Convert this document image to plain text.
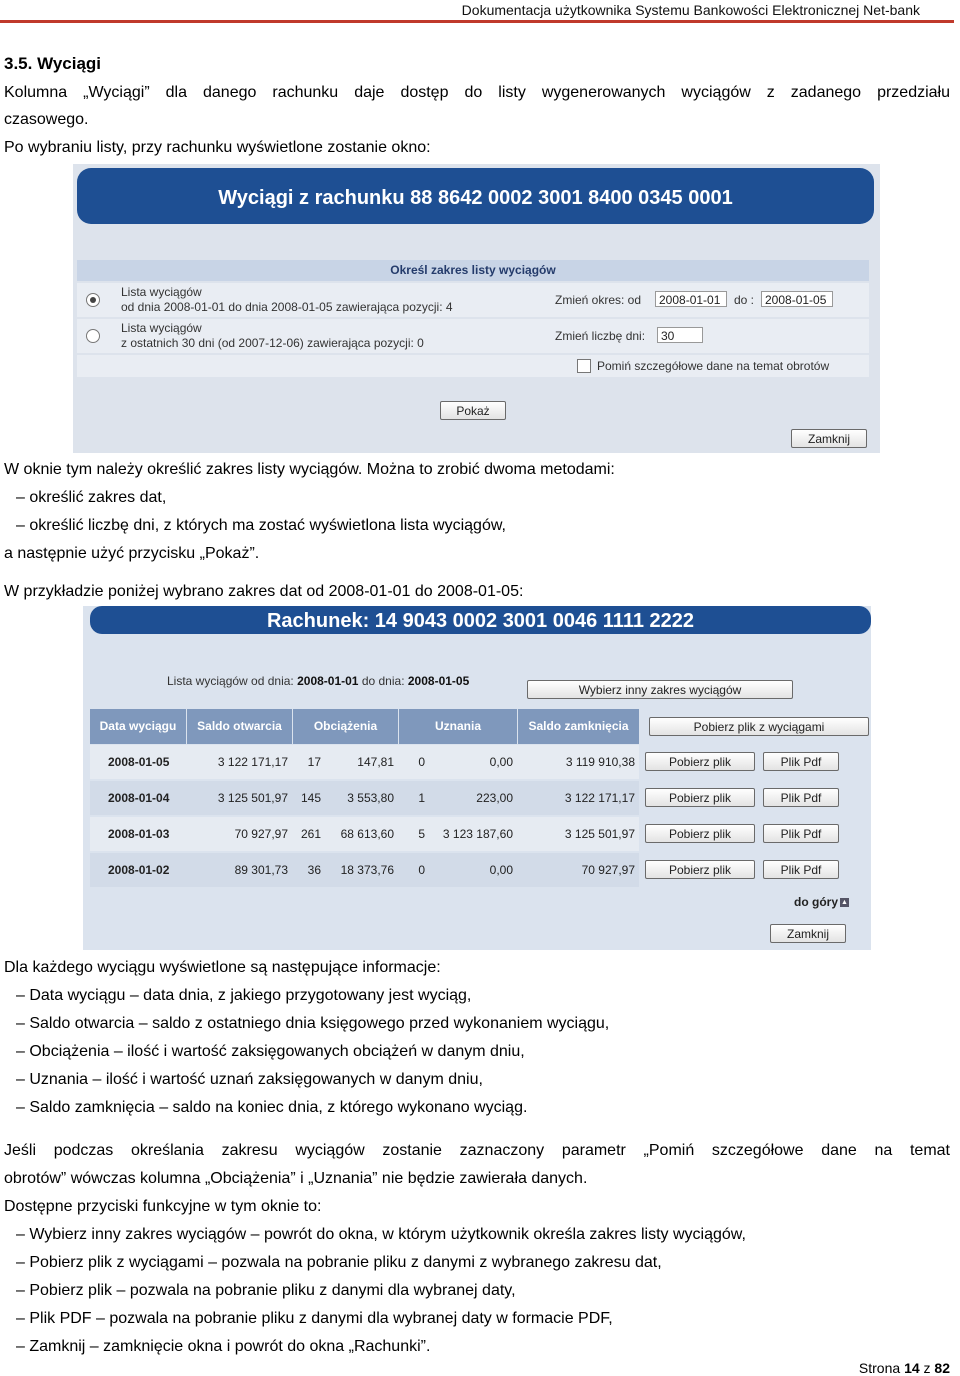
Dokumentacja użytkownika Systemu Bankowości Elektronicznej Net-bank
3.5. Wyciągi
Kolumna „Wyciągi” dla danego rachunku daje dostęp do listy wygenerowanych wyciągów z zadanego przedziału
czasowego.
Po wybraniu listy, przy rachunku wyświetlone zostanie okno:
Wyciągi z rachunku 88 8642 0002 3001 8400 0345 0001
Określ zakres listy wyciągów
Lista wyciągów
od dnia 2008-01-01 do dnia 2008-01-05 zawierająca pozycji: 4	Zmień okres: od	2008-01-01	do : 2008-01-05
Lista wyciągów
z ostatnich 30 dni (od 2007-12-06) zawierająca pozycji: 0	Zmień liczbę dni:	30
Pomiń szczegółowe dane na temat obrotów
Pokaż
Zamknij
W oknie tym należy określić zakres listy wyciągów. Można to zrobić dwoma metodami:
– określić zakres dat,
– określić liczbę dni, z których ma zostać wyświetlona lista wyciągów,
a następnie użyć przycisku „Pokaż”.
W przykładzie poniżej wybrano zakres dat od 2008-01-01 do 2008-01-05:
Rachunek: 14 9043 0002 3001 0046 1111 2222
Lista wyciągów od dnia: 2008-01-01 do dnia: 2008-01-05
Wybierz inny zakres wyciągów
Data wyciągu	Saldo otwarcia	Obciążenia	Uznania	Saldo zamknięcia	Pobierz plik z wyciągami
2008-01-05	3 122 171,17	17	147,81	0	0,00	3 119 910,38	Pobierz plik	Plik Pdf
2008-01-04	3 125 501,97	145	3 553,80	1	223,00	3 122 171,17	Pobierz plik	Plik Pdf
2008-01-03	70 927,97	261	68 613,60	5	3 123 187,60	3 125 501,97	Pobierz plik	Plik Pdf
2008-01-02	89 301,73	36	18 373,76	0	0,00	70 927,97	Pobierz plik	Plik Pdf
do góry ▲
Zamknij
Dla każdego wyciągu wyświetlone są następujące informacje:
– Data wyciągu – data dnia, z jakiego przygotowany jest wyciąg,
– Saldo otwarcia – saldo z ostatniego dnia księgowego przed wykonaniem wyciągu,
– Obciążenia – ilość i wartość zaksięgowanych obciążeń w danym dniu,
– Uznania – ilość i wartość uznań zaksięgowanych w danym dniu,
– Saldo zamknięcia – saldo na koniec dnia, z którego wykonano wyciąg.
Jeśli podczas określania zakresu wyciągów zostanie zaznaczony parametr „Pomiń szczegółowe dane na temat
obrotów” wówczas kolumna „Obciążenia” i „Uznania” nie będzie zawierała danych.
Dostępne przyciski funkcyjne w tym oknie to:
– Wybierz inny zakres wyciągów – powrót do okna, w którym użytkownik określa zakres listy wyciągów,
– Pobierz plik z wyciągami – pozwala na pobranie pliku z danymi z wybranego zakresu dat,
– Pobierz plik – pozwala na pobranie pliku z danymi dla wybranej daty,
– Plik PDF – pozwala na pobranie pliku z danymi dla wybranej daty w formacie PDF,
– Zamknij – zamknięcie okna i powrót do okna „Rachunki”.
Strona 14 z 82
